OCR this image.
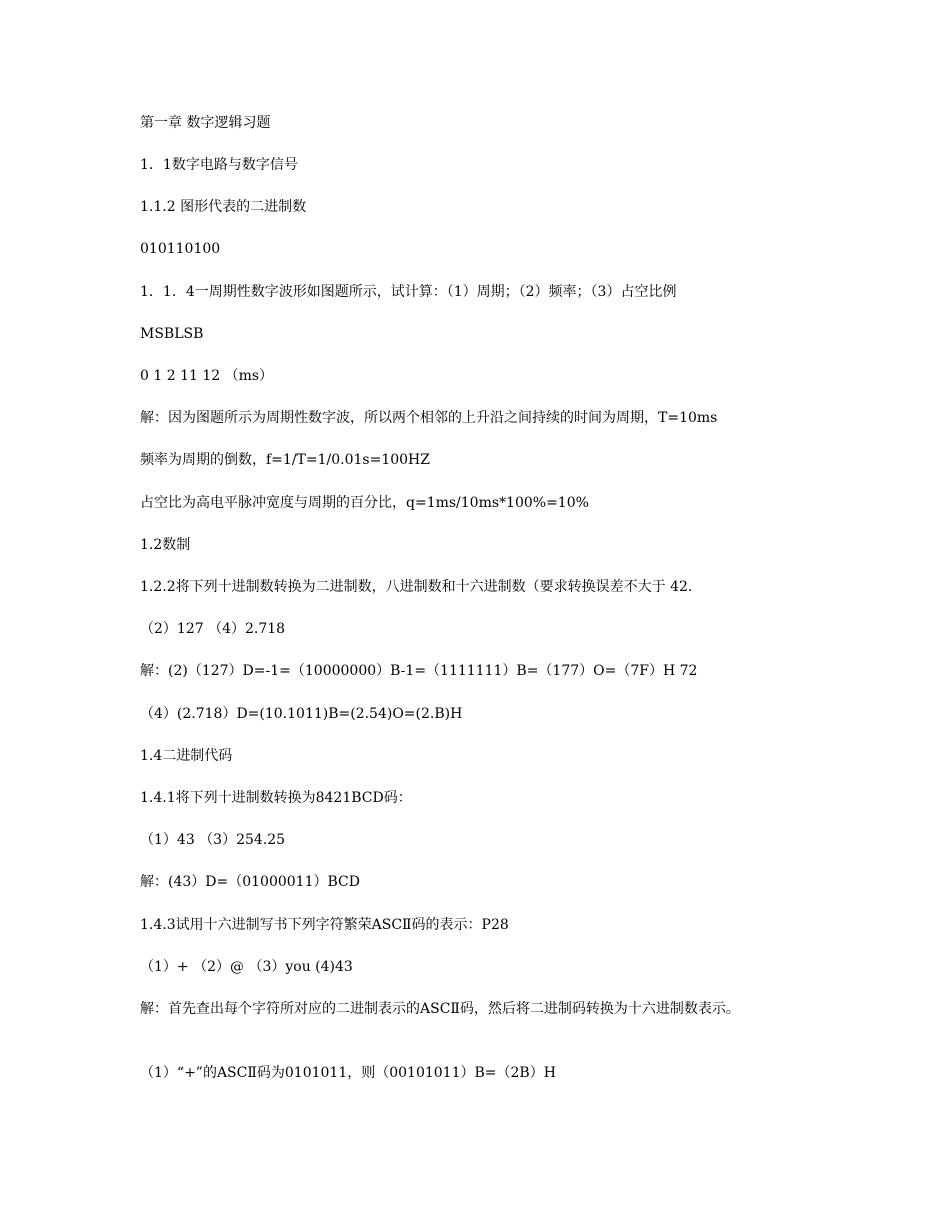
第一章 数字逻辑习题
1．1数字电路与数字信号
1.1.2 图形代表的二进制数
010110100
1．1．4一周期性数字波形如图题所示，试计算：（1）周期；（2）频率；（3）占空比例
MSBLSB
0 1 2 11 12 （ms）
解：因为图题所示为周期性数字波，所以两个相邻的上升沿之间持续的时间为周期，T=10ms
频率为周期的倒数，f=1/T=1/0.01s=100HZ
占空比为高电平脉冲宽度与周期的百分比，q=1ms/10ms*100%=10%
1.2数制
1.2.2将下列十进制数转换为二进制数，八进制数和十六进制数（要求转换误差不大于 42.
（2）127 （4）2.718
解：(2)（127）D=-1=（10000000）B-1=（1111111）B=（177）O=（7F）H 72
（4）(2.718）D=(10.1011)B=(2.54)O=(2.B)H
1.4二进制代码
1.4.1将下列十进制数转换为8421BCD码：
（1）43 （3）254.25
解：(43）D=（01000011）BCD
1.4.3试用十六进制写书下列字符繁荣ASCⅡ码的表示：P28
（1）+ （2）@ （3）you (4)43
解：首先查出每个字符所对应的二进制表示的ASCⅡ码，然后将二进制码转换为十六进制数表示。
（1）“+”的ASCⅡ码为0101011，则（00101011）B=（2B）H
